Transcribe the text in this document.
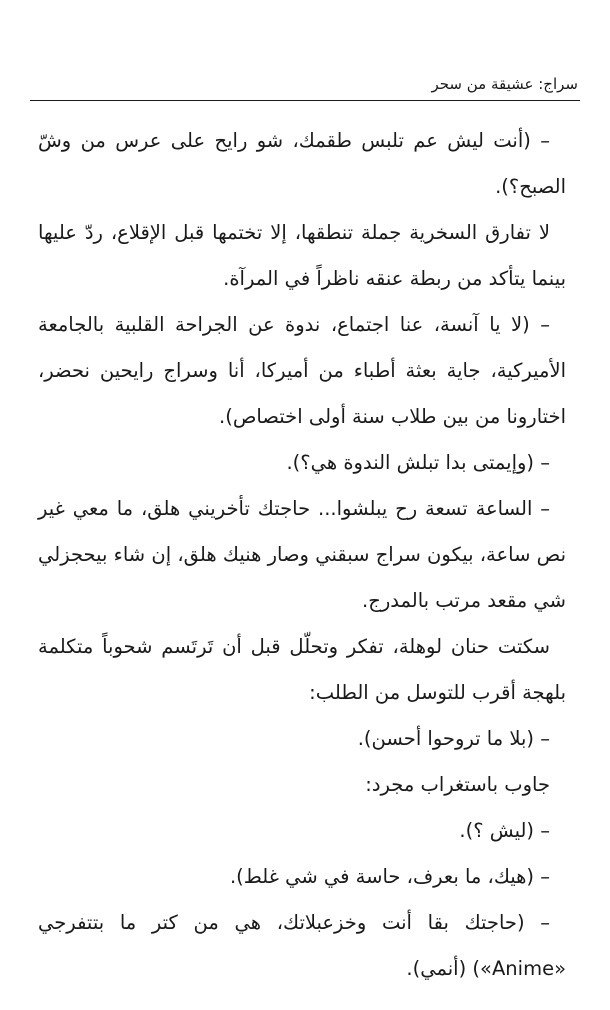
سراج: عشيقة من سحر

– (أنت ليش عم تلبس طقمك، شو رايح على عرس من وشّ الصبح؟).

لا تفارق السخرية جملة تنطقها، إلا تختمها قبل الإقلاع، ردّ عليها بينما يتأكد من ربطة عنقه ناظراً في المرآة.

– (لا يا آنسة، عنا اجتماع، ندوة عن الجراحة القلبية بالجامعة الأميركية، جاية بعثة أطباء من أميركا، أنا وسراج رايحين نحضر، اختارونا من بين طلاب سنة أولى اختصاص).

– (وإيمتى بدا تبلش الندوة هي؟).

– الساعة تسعة رح يبلشوا... حاجتك تأخريني هلق، ما معي غير نص ساعة، بيكون سراج سبقني وصار هنيك هلق، إن شاء بيحجزلي شي مقعد مرتب بالمدرج.

سكتت حنان لوهلة، تفكر وتحلّل قبل أن تَرتَسم شحوباً متكلمة بلهجة أقرب للتوسل من الطلب:

– (بلا ما تروحوا أحسن).

جاوب باستغراب مجرد:

– (ليش ؟).

– (هيك، ما بعرف، حاسة في شي غلط).

– (حاجتك بقا أنت وخزعبلاتك، هي من كتر ما بتتفرجي «Anime») (أنمي).
